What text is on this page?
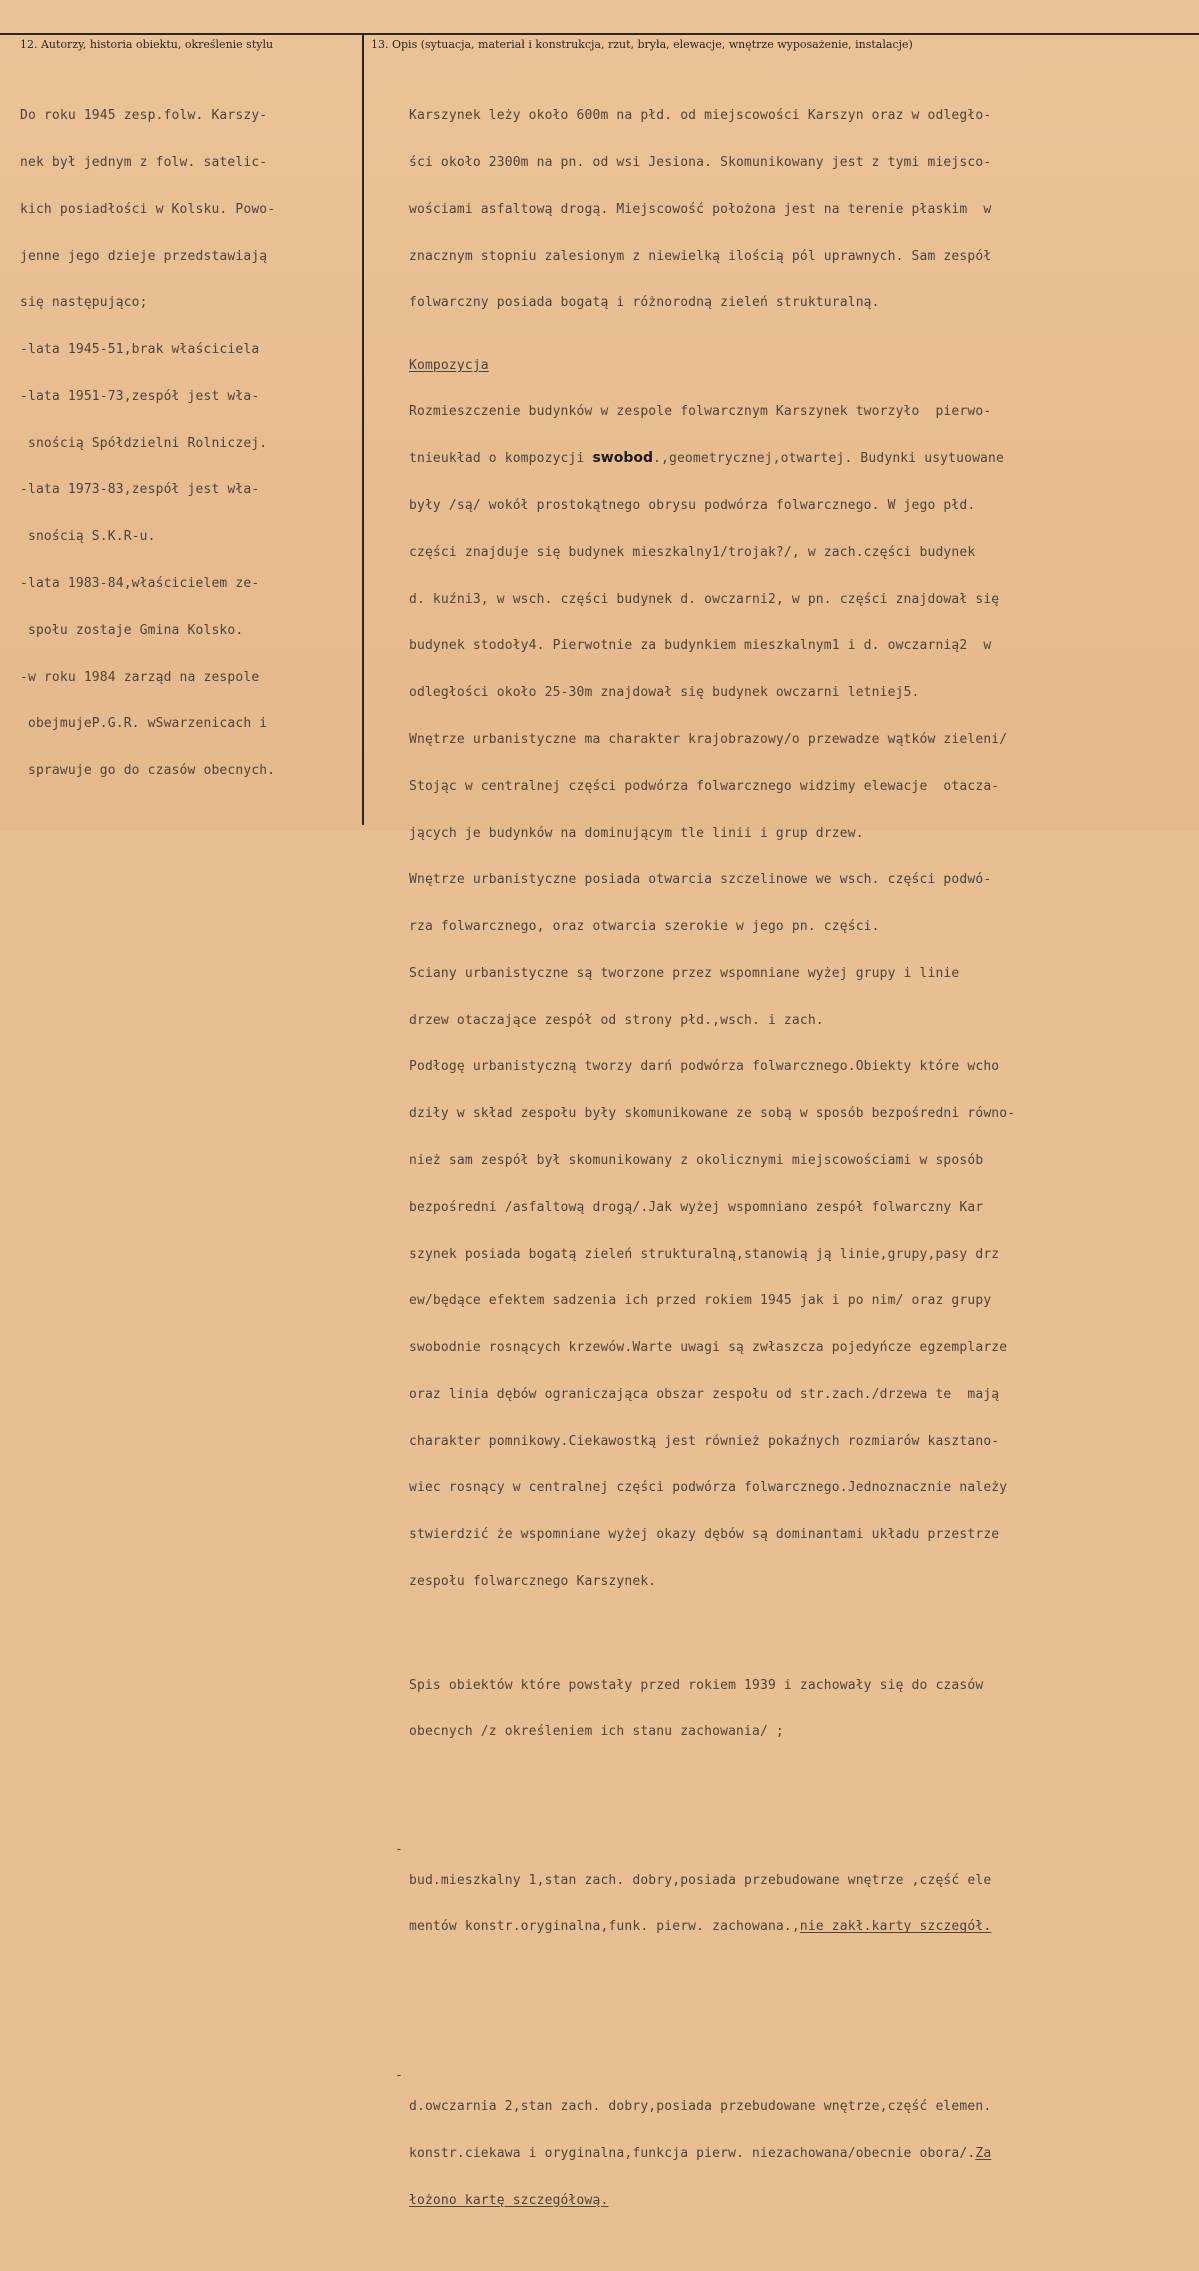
12. Autorzy, historia obiektu, określenie stylu	13. Opis (sytuacja, materiał i konstrukcja, rzut, bryła, elewacje, wnętrze wyposażenie, instalacje)

Do roku 1945 zesp.folw. Karszy-

nek był jednym z folw. satelic-

kich posiadłości w Kolsku. Powo-

jenne jego dzieje przedstawiają

się następująco;

-lata 1945-51,brak właściciela

-lata 1951-73,zespół jest wła-

snością Spółdzielni Rolniczej.

-lata 1973-83,zespół jest wła-

snością S.K.R-u.

-lata 1983-84,właścicielem ze-

społu zostaje Gmina Kolsko.

-w roku 1984 zarząd na zespole

obejmujeP.G.R. wSwarzenicach i

sprawuje go do czasów obecnych.

Karszynek leży około 600m na płd. od miejscowości Karszyn oraz w odległo-

ści około 2300m na pn. od wsi Jesiona. Skomunikowany jest z tymi miejsco-

wościami asfaltową drogą. Miejscowość położona jest na terenie płaskim  w

znacznym stopniu zalesionym z niewielką ilością pól uprawnych. Sam zespół

folwarczny posiada bogatą i różnorodną zieleń strukturalną.

Kompozycja

Rozmieszczenie budynków w zespole folwarcznym Karszynek tworzyło  pierwo-

tnieukład o kompozycji swobod.,geometrycznej,otwartej. Budynki usytuowane

były /są/ wokół prostokątnego obrysu podwórza folwarcznego. W jego płd.

części znajduje się budynek mieszkalny1/trojak?/, w zach.części budynek

d. kuźni3, w wsch. części budynek d. owczarni2, w pn. części znajdował się

budynek stodoły4. Pierwotnie za budynkiem mieszkalnym1 i d. owczarnią2  w

odległości około 25-30m znajdował się budynek owczarni letniej5.

Wnętrze urbanistyczne ma charakter krajobrazowy/o przewadze wątków zieleni/

Stojąc w centralnej części podwórza folwarcznego widzimy elewacje  otacza-

jących je budynków na dominującym tle linii i grup drzew.

Wnętrze urbanistyczne posiada otwarcia szczelinowe we wsch. części podwó-

rza folwarcznego, oraz otwarcia szerokie w jego pn. części.

Sciany urbanistyczne są tworzone przez wspomniane wyżej grupy i linie

drzew otaczające zespół od strony płd.,wsch. i zach.

Podłogę urbanistyczną tworzy darń podwórza folwarcznego.Obiekty które wcho

dziły w skład zespołu były skomunikowane ze sobą w sposób bezpośredni równo-

nież sam zespół był skomunikowany z okolicznymi miejscowościami w sposób

bezpośredni /asfaltową drogą/.Jak wyżej wspomniano zespół folwarczny Kar

szynek posiada bogatą zieleń strukturalną,stanowią ją linie,grupy,pasy drz

ew/będące efektem sadzenia ich przed rokiem 1945 jak i po nim/ oraz grupy

swobodnie rosnących krzewów.Warte uwagi są zwłaszcza pojedyńcze egzemplarze

oraz linia dębów ograniczająca obszar zespołu od str.zach./drzewa te  mają

charakter pomnikowy.Ciekawostką jest również pokaźnych rozmiarów kasztano-

wiec rosnący w centralnej części podwórza folwarcznego.Jednoznacznie należy

stwierdzić że wspomniane wyżej okazy dębów są dominantami układu przestrze

zespołu folwarcznego Karszynek.

Spis obiektów które powstały przed rokiem 1939 i zachowały się do czasów

obecnych /z określeniem ich stanu zachowania/ ;

-

bud.mieszkalny 1,stan zach. dobry,posiada przebudowane wnętrze ,część ele

mentów konstr.oryginalna,funk. pierw. zachowana.,nie zakł.karty szczegół.

-

d.owczarnia 2,stan zach. dobry,posiada przebudowane wnętrze,część elemen.

konstr.ciekawa i oryginalna,funkcja pierw. niezachowana/obecnie obora/.Za

łożono kartę szczegółową.
